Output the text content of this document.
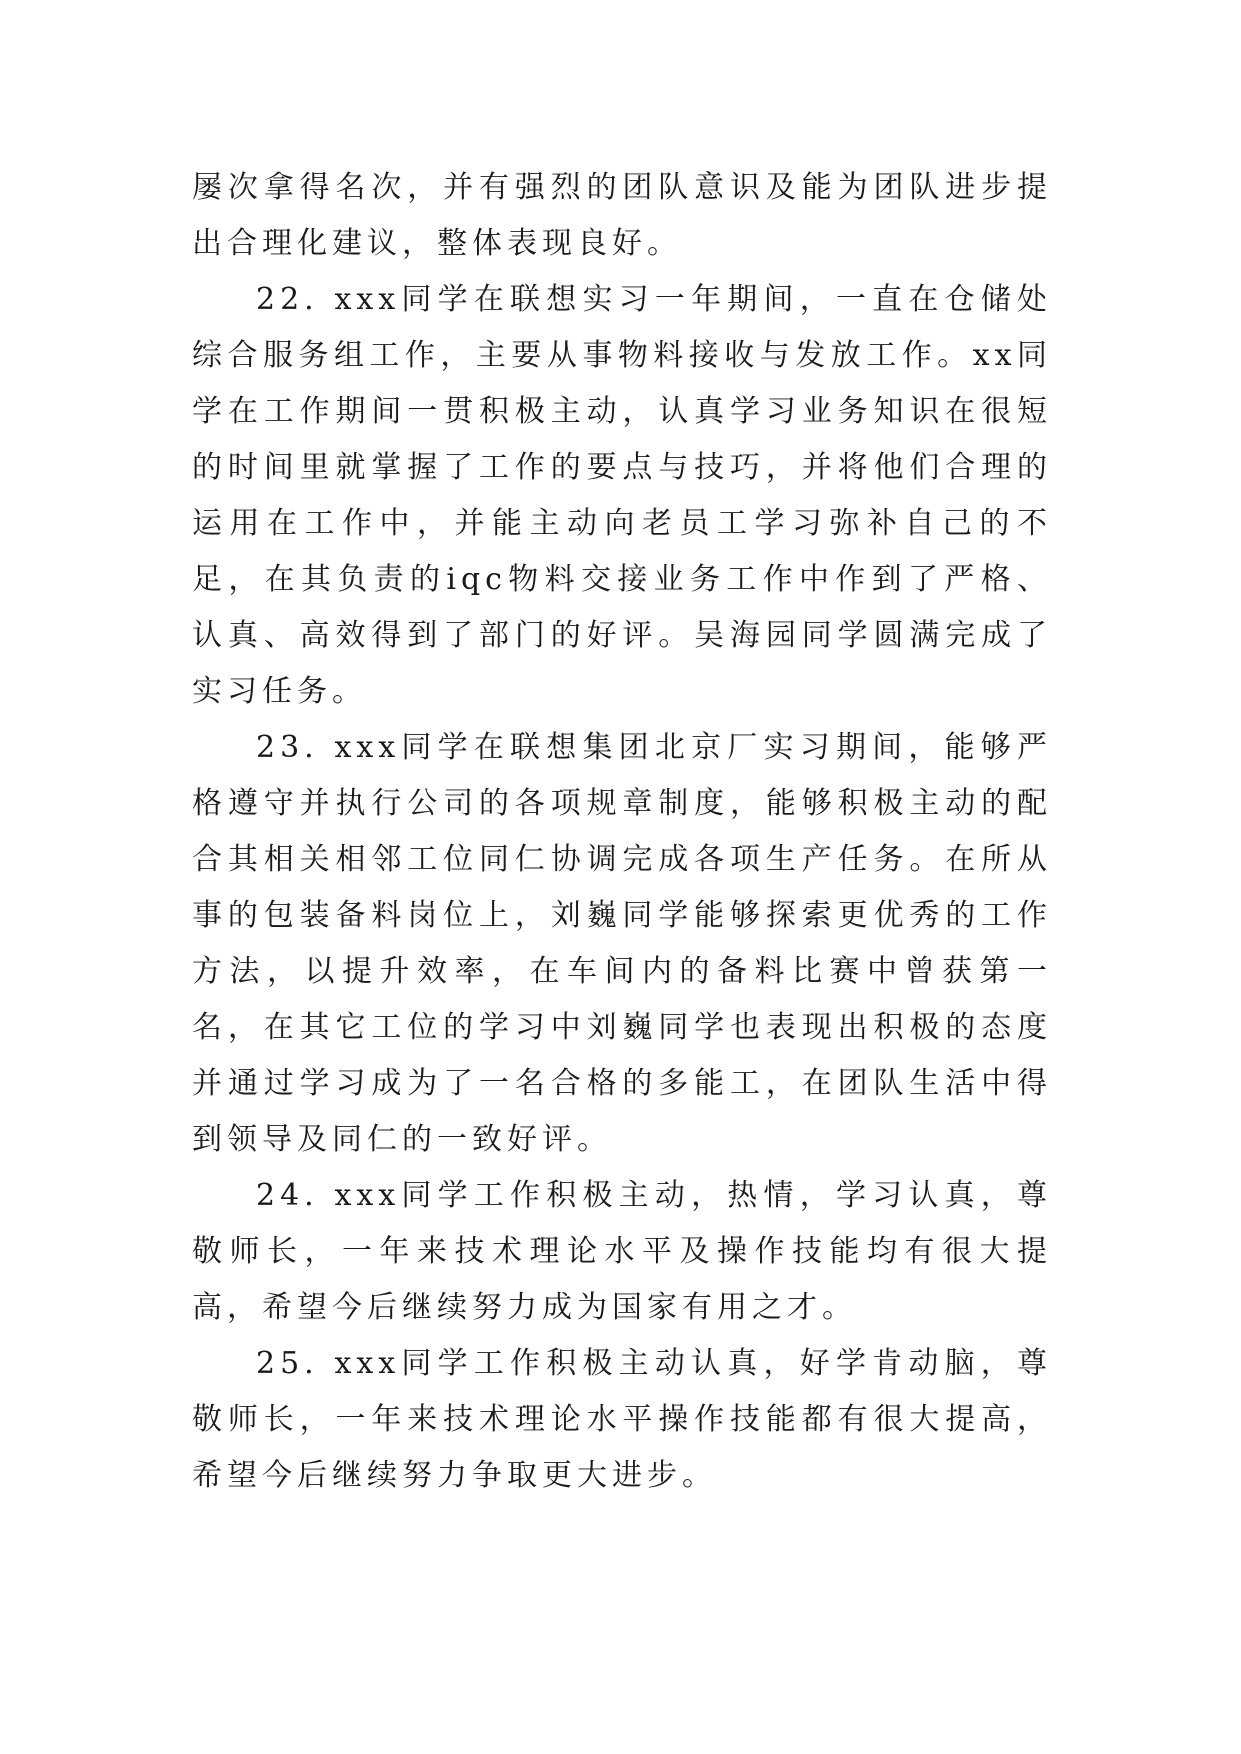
屡次拿得名次，并有强烈的团队意识及能为团队进步提出合理化建议，整体表现良好。

22. xxx同学在联想实习一年期间，一直在仓储处综合服务组工作，主要从事物料接收与发放工作。xx同学在工作期间一贯积极主动，认真学习业务知识在很短的时间里就掌握了工作的要点与技巧，并将他们合理的运用在工作中，并能主动向老员工学习弥补自己的不足，在其负责的iqc物料交接业务工作中作到了严格、认真、高效得到了部门的好评。吴海园同学圆满完成了实习任务。

23. xxx同学在联想集团北京厂实习期间，能够严格遵守并执行公司的各项规章制度，能够积极主动的配合其相关相邻工位同仁协调完成各项生产任务。在所从事的包装备料岗位上，刘巍同学能够探索更优秀的工作方法，以提升效率，在车间内的备料比赛中曾获第一名，在其它工位的学习中刘巍同学也表现出积极的态度并通过学习成为了一名合格的多能工，在团队生活中得到领导及同仁的一致好评。

24. xxx同学工作积极主动，热情，学习认真，尊敬师长，一年来技术理论水平及操作技能均有很大提高，希望今后继续努力成为国家有用之才。

25. xxx同学工作积极主动认真，好学肯动脑，尊敬师长，一年来技术理论水平操作技能都有很大提高，希望今后继续努力争取更大进步。
